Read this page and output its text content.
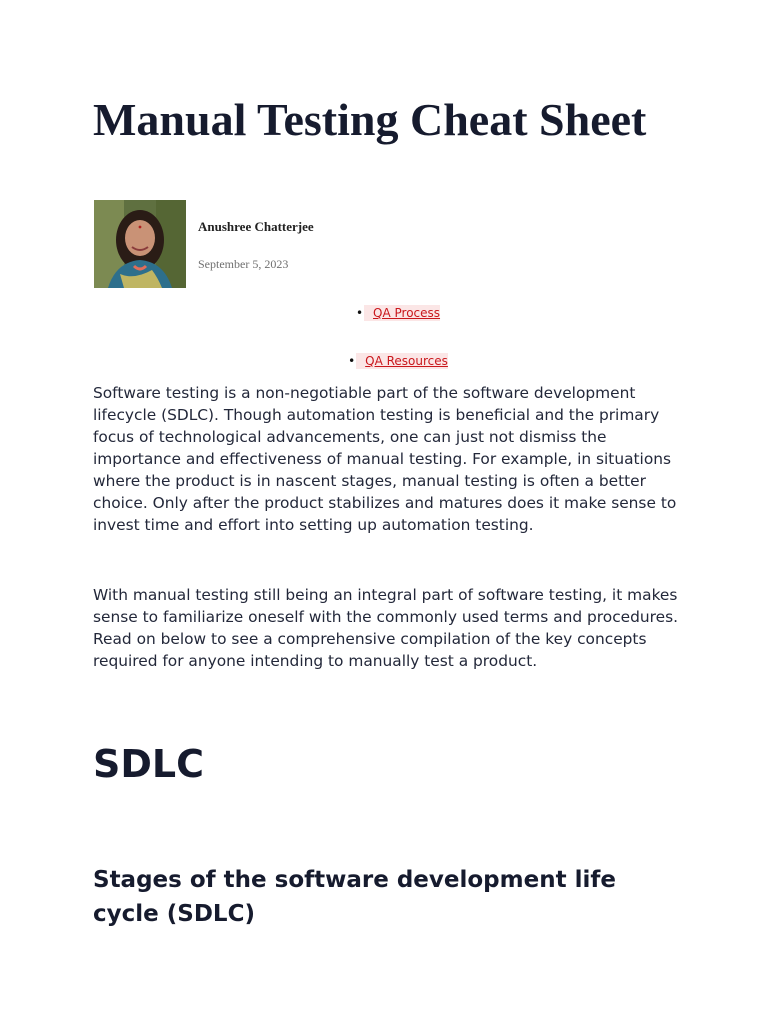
Manual Testing Cheat Sheet
Anushree Chatterjee
September 5, 2023
• QA Process
• QA Resources

Software testing is a non-negotiable part of the software development lifecycle (SDLC). Though automation testing is beneficial and the primary focus of technological advancements, one can just not dismiss the importance and effectiveness of manual testing. For example, in situations where the product is in nascent stages, manual testing is often a better choice. Only after the product stabilizes and matures does it make sense to invest time and effort into setting up automation testing.

With manual testing still being an integral part of software testing, it makes sense to familiarize oneself with the commonly used terms and procedures. Read on below to see a comprehensive compilation of the key concepts required for anyone intending to manually test a product.

SDLC
Stages of the software development life cycle (SDLC)
